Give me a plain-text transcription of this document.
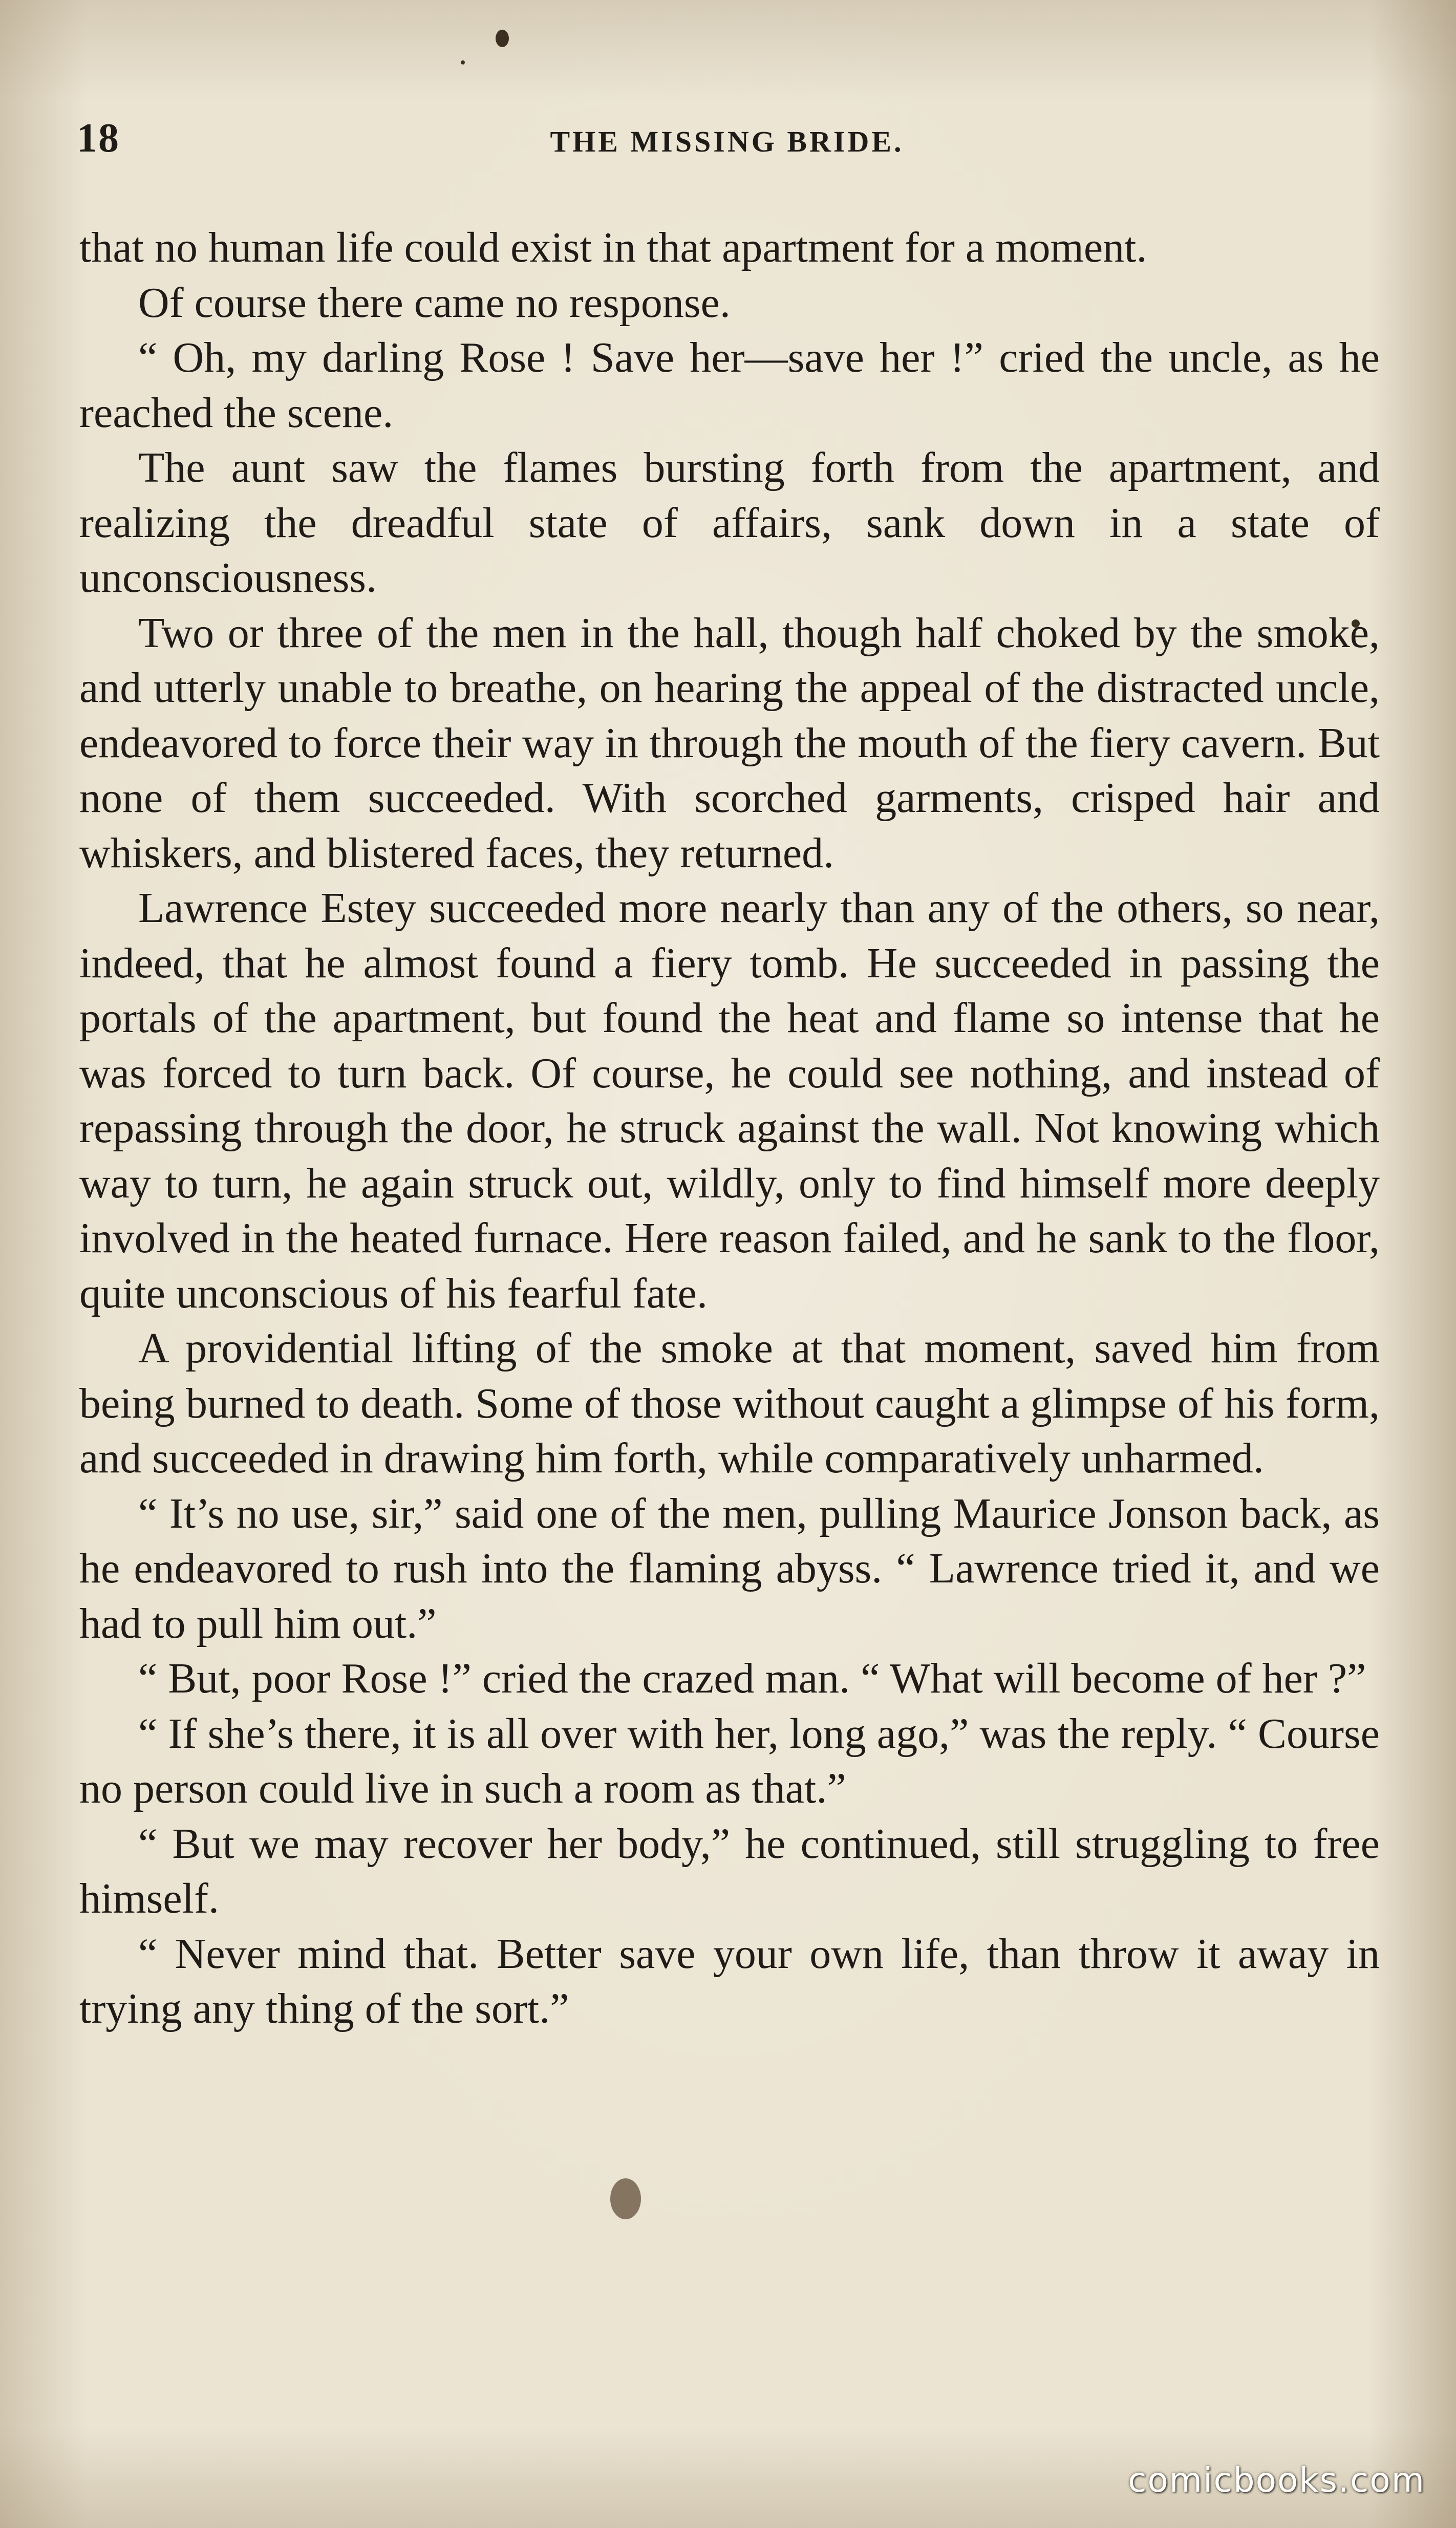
18	THE MISSING BRIDE.

that no human life could exist in that apartment for a moment.

Of course there came no response.

“ Oh, my darling Rose ! Save her—save her !” cried the uncle, as he reached the scene.

The aunt saw the flames bursting forth from the apartment, and realizing the dreadful state of affairs, sank down in a state of unconsciousness.

Two or three of the men in the hall, though half choked by the smoke, and utterly unable to breathe, on hearing the appeal of the distracted uncle, endeavored to force their way in through the mouth of the fiery cavern. But none of them succeeded. With scorched garments, crisped hair and whiskers, and blistered faces, they returned.

Lawrence Estey succeeded more nearly than any of the others, so near, indeed, that he almost found a fiery tomb. He succeeded in passing the portals of the apartment, but found the heat and flame so intense that he was forced to turn back. Of course, he could see nothing, and instead of repassing through the door, he struck against the wall. Not knowing which way to turn, he again struck out, wildly, only to find himself more deeply involved in the heated furnace. Here reason failed, and he sank to the floor, quite unconscious of his fearful fate.

A providential lifting of the smoke at that moment, saved him from being burned to death. Some of those without caught a glimpse of his form, and succeeded in drawing him forth, while comparatively unharmed.

“ It’s no use, sir,” said one of the men, pulling Maurice Jonson back, as he endeavored to rush into the flaming abyss. “ Lawrence tried it, and we had to pull him out.”

“ But, poor Rose !” cried the crazed man. “ What will become of her ?”

“ If she’s there, it is all over with her, long ago,” was the reply. “ Course no person could live in such a room as that.”

“ But we may recover her body,” he continued, still struggling to free himself.

“ Never mind that. Better save your own life, than throw it away in trying any thing of the sort.”

comicbooks.com
